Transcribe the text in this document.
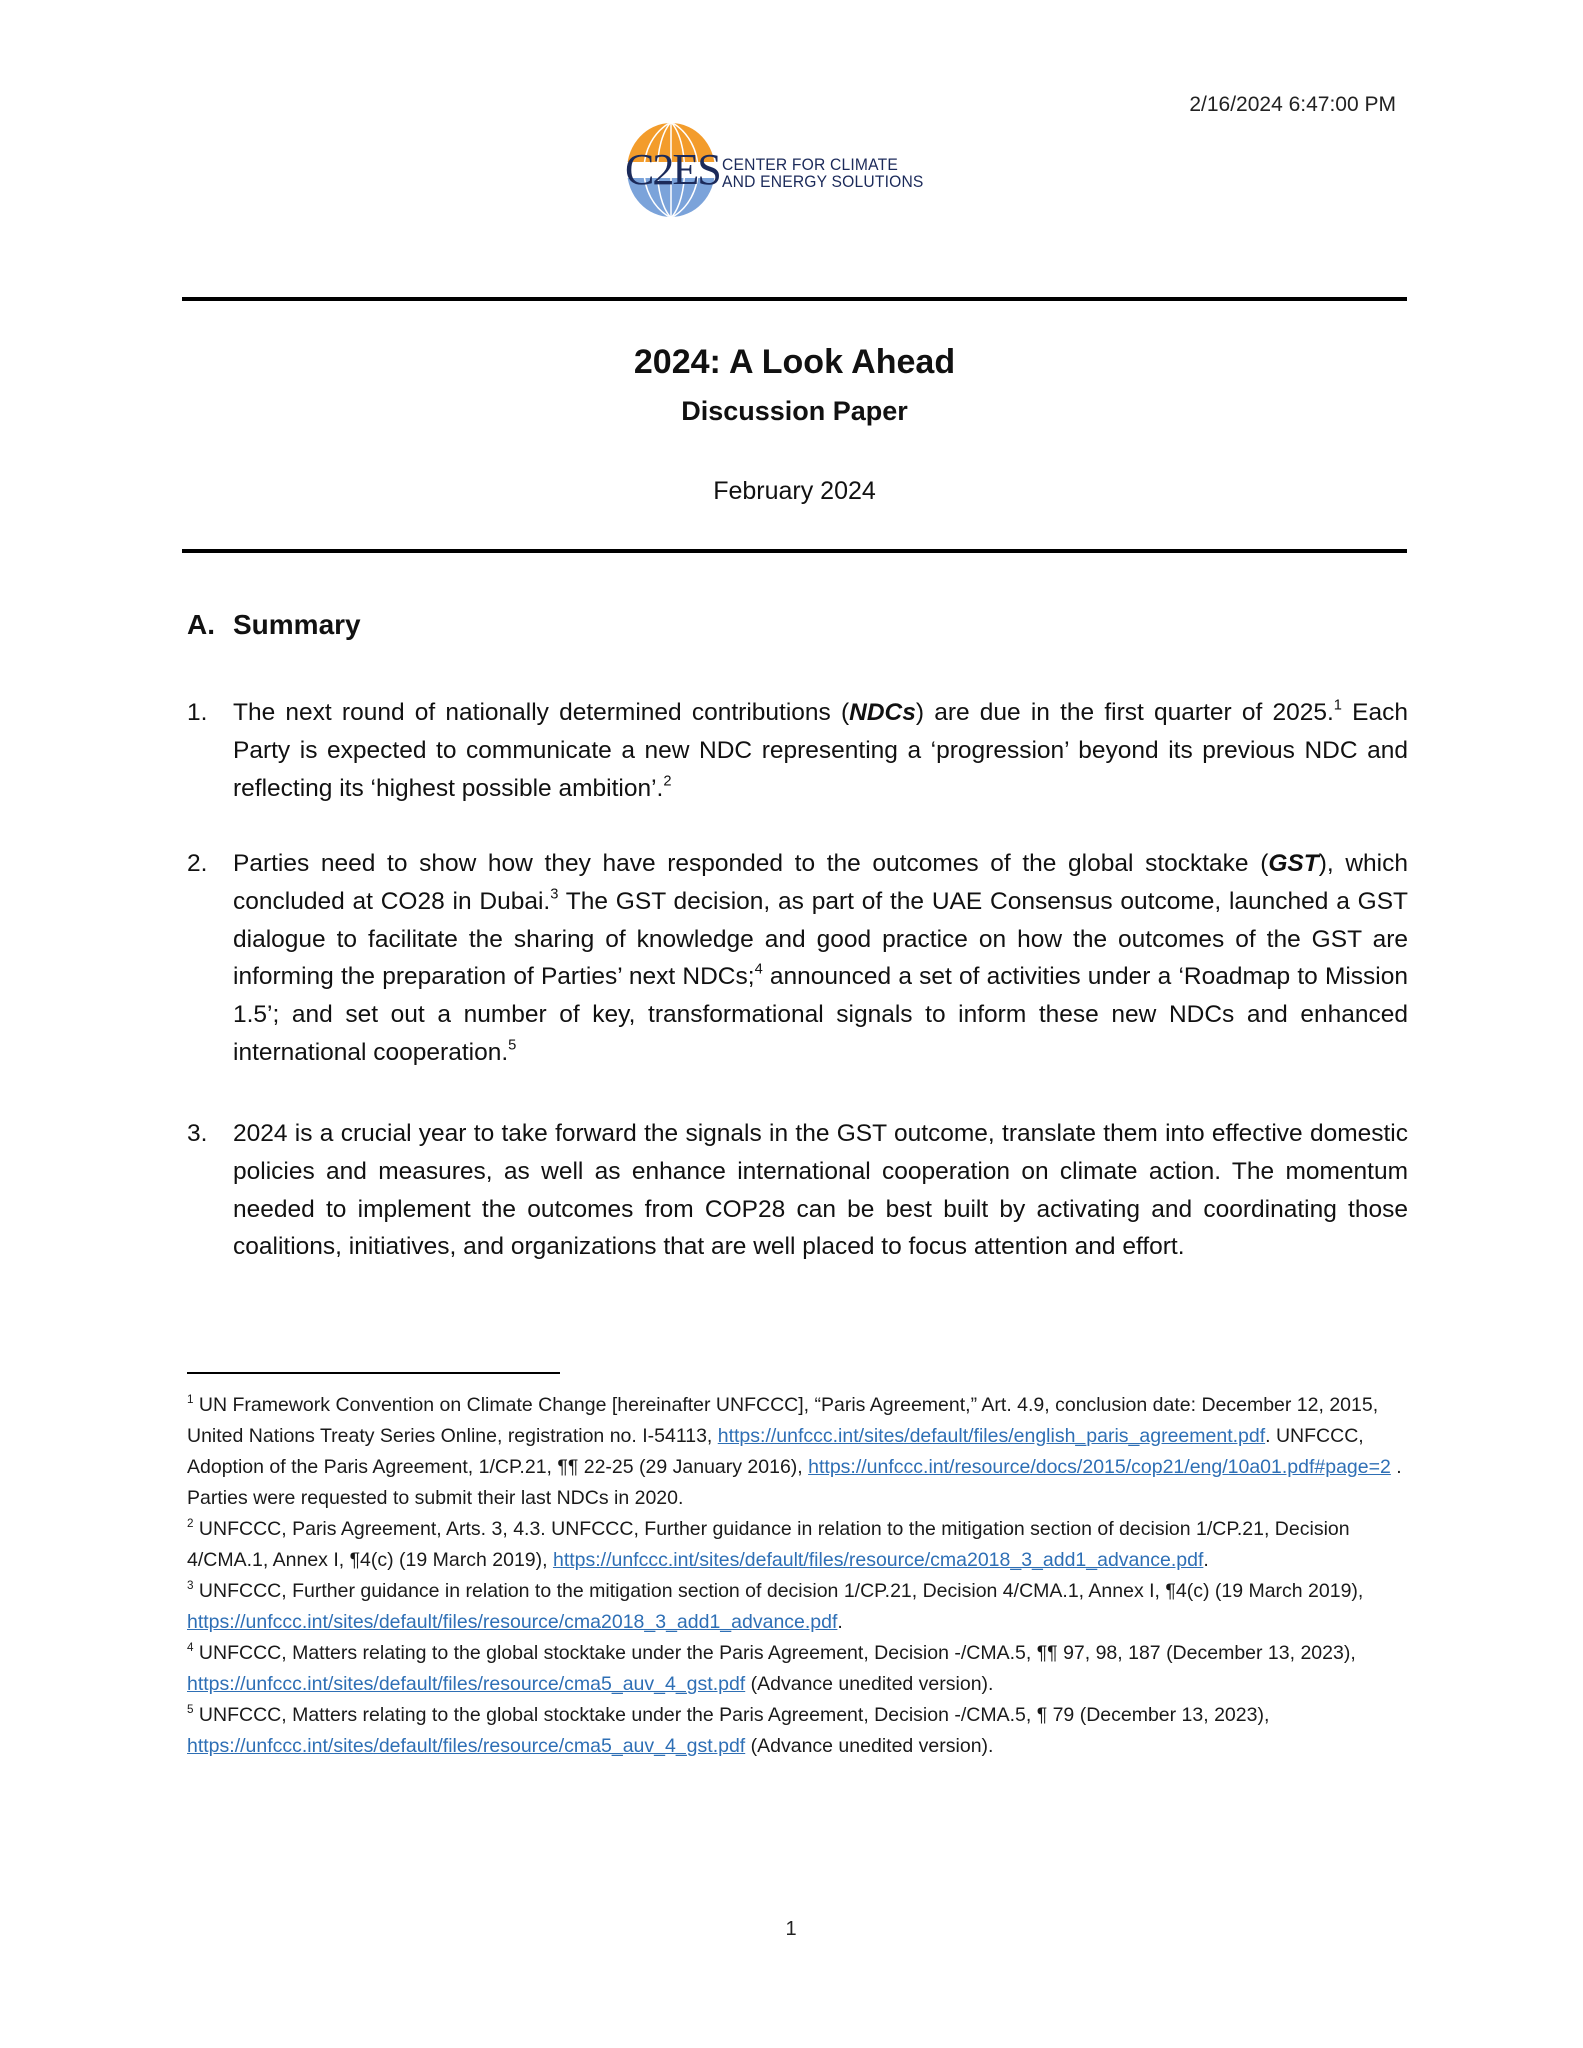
2/16/2024 6:47:00 PM
C2ES CENTER FOR CLIMATE
AND ENERGY SOLUTIONS
2024: A Look Ahead
Discussion Paper
February 2024
A. Summary
1.	The next round of nationally determined contributions (NDCs) are due in the first quarter of 2025.$^1$ Each Party is expected to communicate a new NDC representing a ‘progression’ beyond its previous NDC and reflecting its ‘highest possible ambition’.$^2$
2.	Parties need to show how they have responded to the outcomes of the global stocktake (GST), which concluded at CO28 in Dubai.$^3$ The GST decision, as part of the UAE Consensus outcome, launched a GST dialogue to facilitate the sharing of knowledge and good practice on how the outcomes of the GST are informing the preparation of Parties’ next NDCs;$^4$ announced a set of activities under a ‘Roadmap to Mission 1.5’; and set out a number of key, transformational signals to inform these new NDCs and enhanced international cooperation.$^5$
3.	2024 is a crucial year to take forward the signals in the GST outcome, translate them into effective domestic policies and measures, as well as enhance international cooperation on climate action. The momentum needed to implement the outcomes from COP28 can be best built by activating and coordinating those coalitions, initiatives, and organizations that are well placed to focus attention and effort.

$^1$ UN Framework Convention on Climate Change [hereinafter UNFCCC], “Paris Agreement,” Art. 4.9, conclusion date: December 12, 2015, United Nations Treaty Series Online, registration no. I-54113, https://unfccc.int/sites/default/files/english_paris_agreement.pdf. UNFCCC, Adoption of the Paris Agreement, 1/CP.21, ¶¶ 22-25 (29 January 2016), https://unfccc.int/resource/docs/2015/cop21/eng/10a01.pdf#page=2 . Parties were requested to submit their last NDCs in 2020.

$^2$ UNFCCC, Paris Agreement, Arts. 3, 4.3. UNFCCC, Further guidance in relation to the mitigation section of decision 1/CP.21, Decision 4/CMA.1, Annex I, ¶4(c) (19 March 2019), https://unfccc.int/sites/default/files/resource/cma2018_3_add1_advance.pdf.

$^3$ UNFCCC, Further guidance in relation to the mitigation section of decision 1/CP.21, Decision 4/CMA.1, Annex I, ¶4(c) (19 March 2019), https://unfccc.int/sites/default/files/resource/cma2018_3_add1_advance.pdf.

$^4$ UNFCCC, Matters relating to the global stocktake under the Paris Agreement, Decision -/CMA.5, ¶¶ 97, 98, 187 (December 13, 2023), https://unfccc.int/sites/default/files/resource/cma5_auv_4_gst.pdf (Advance unedited version).

$^5$ UNFCCC, Matters relating to the global stocktake under the Paris Agreement, Decision -/CMA.5, ¶ 79 (December 13, 2023), https://unfccc.int/sites/default/files/resource/cma5_auv_4_gst.pdf (Advance unedited version).

1
